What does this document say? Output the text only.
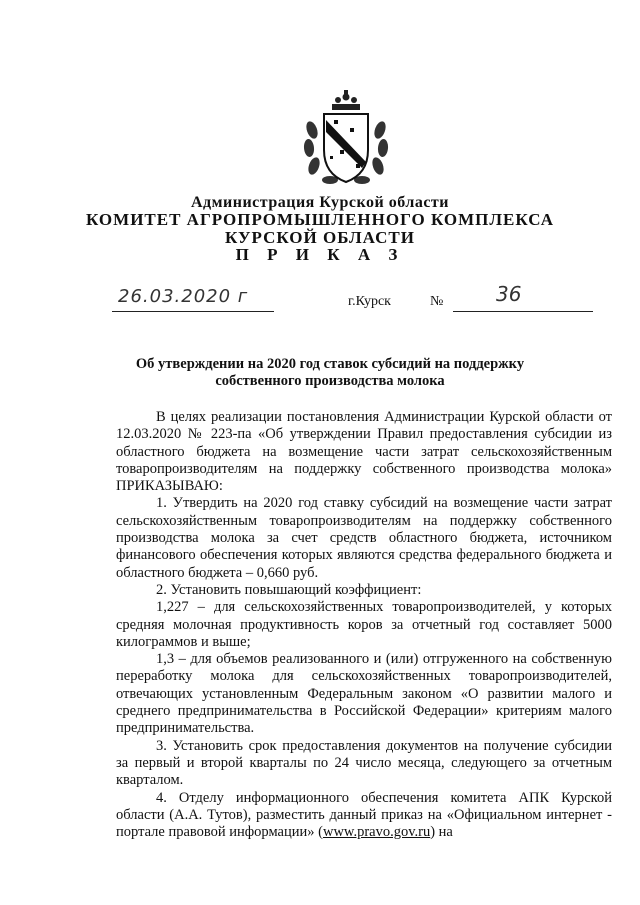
Администрация Курской области
КОМИТЕТ АГРОПРОМЫШЛЕННОГО КОМПЛЕКСА
КУРСКОЙ ОБЛАСТИ
П Р И К А З
26.03.2020 г	г.Курск	№	36
Об утверждении на 2020 год ставок субсидий на поддержку
собственного производства молока

В целях реализации постановления Администрации Курской области от 12.03.2020 № 223-па «Об утверждении Правил предоставления субсидии из областного бюджета на возмещение части затрат сельскохозяйственным товаропроизводителям на поддержку собственного производства молока» ПРИКАЗЫВАЮ:

1. Утвердить на 2020 год ставку субсидий на возмещение части затрат сельскохозяйственным товаропроизводителям на поддержку собственного производства молока за счет средств областного бюджета, источником финансового обеспечения которых являются средства федерального бюджета и областного бюджета – 0,660 руб.

2. Установить повышающий коэффициент:

1,227 – для сельскохозяйственных товаропроизводителей, у которых средняя молочная продуктивность коров за отчетный год составляет 5000 килограммов и выше;

1,3 – для объемов реализованного и (или) отгруженного на собственную переработку молока для сельскохозяйственных товаропроизводителей, отвечающих установленным Федеральным законом «О развитии малого и среднего предпринимательства в Российской Федерации» критериям малого предпринимательства.

3. Установить срок предоставления документов на получение субсидии за первый и второй кварталы по 24 число месяца, следующего за отчетным кварталом.

4. Отделу информационного обеспечения комитета АПК Курской области (А.А. Тутов), разместить данный приказ на «Официальном интернет - портале правовой информации» (www.pravo.gov.ru) на
